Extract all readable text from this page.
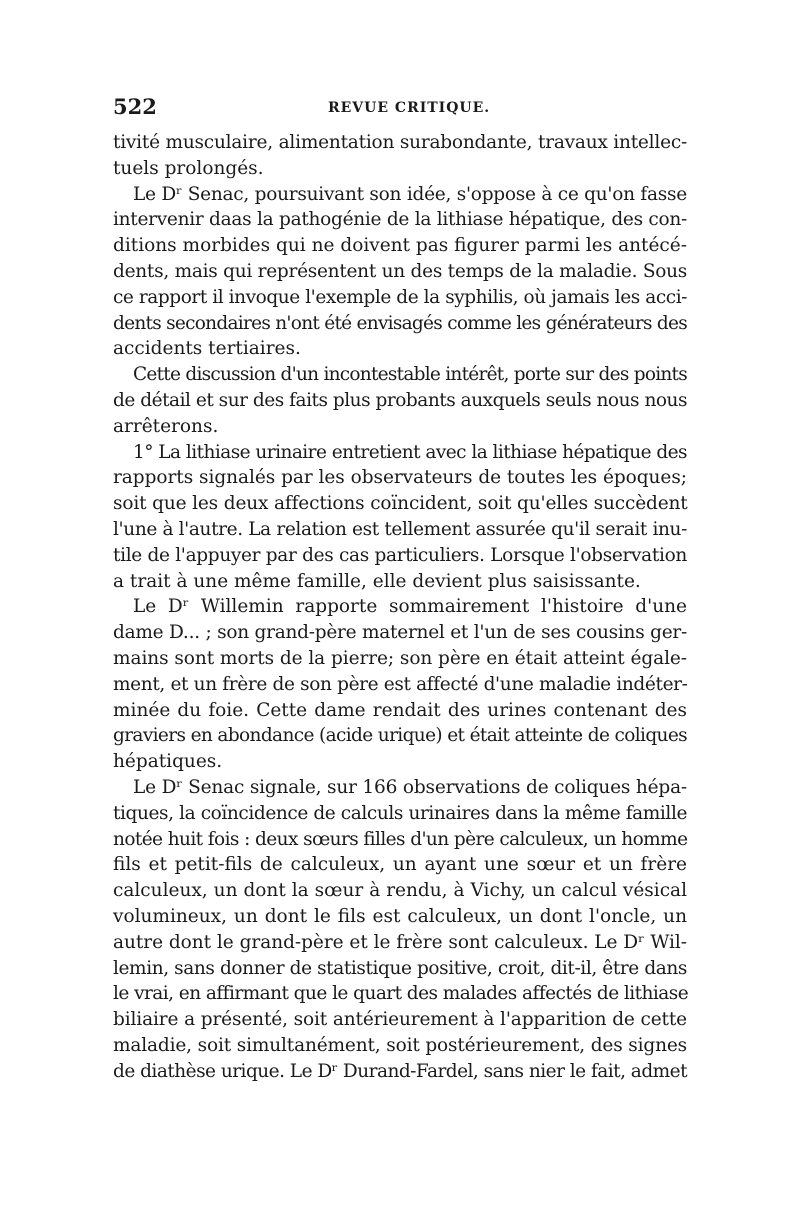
522	REVUE CRITIQUE.
tivité musculaire, alimentation surabondante, travaux intellec-
tuels prolongés.
Le Dʳ Senac, poursuivant son idée, s'oppose à ce qu'on fasse
intervenir daas la pathogénie de la lithiase hépatique, des con-
ditions morbides qui ne doivent pas figurer parmi les antécé-
dents, mais qui représentent un des temps de la maladie. Sous
ce rapport il invoque l'exemple de la syphilis, où jamais les acci-
dents secondaires n'ont été envisagés comme les générateurs des
accidents tertiaires.
Cette discussion d'un incontestable intérêt, porte sur des points
de détail et sur des faits plus probants auxquels seuls nous nous
arrêterons.
1° La lithiase urinaire entretient avec la lithiase hépatique des
rapports signalés par les observateurs de toutes les époques;
soit que les deux affections coïncident, soit qu'elles succèdent
l'une à l'autre. La relation est tellement assurée qu'il serait inu-
tile de l'appuyer par des cas particuliers. Lorsque l'observation
a trait à une même famille, elle devient plus saisissante.
Le Dʳ Willemin rapporte sommairement l'histoire d'une
dame D... ; son grand-père maternel et l'un de ses cousins ger-
mains sont morts de la pierre; son père en était atteint égale-
ment, et un frère de son père est affecté d'une maladie indéter-
minée du foie. Cette dame rendait des urines contenant des
graviers en abondance (acide urique) et était atteinte de coliques
hépatiques.
Le Dʳ Senac signale, sur 166 observations de coliques hépa-
tiques, la coïncidence de calculs urinaires dans la même famille
notée huit fois : deux sœurs filles d'un père calculeux, un homme
fils et petit-fils de calculeux, un ayant une sœur et un frère
calculeux, un dont la sœur à rendu, à Vichy, un calcul vésical
volumineux, un dont le fils est calculeux, un dont l'oncle, un
autre dont le grand-père et le frère sont calculeux. Le Dʳ Wil-
lemin, sans donner de statistique positive, croit, dit-il, être dans
le vrai, en affirmant que le quart des malades affectés de lithiase
biliaire a présenté, soit antérieurement à l'apparition de cette
maladie, soit simultanément, soit postérieurement, des signes
de diathèse urique. Le Dʳ Durand-Fardel, sans nier le fait, admet
